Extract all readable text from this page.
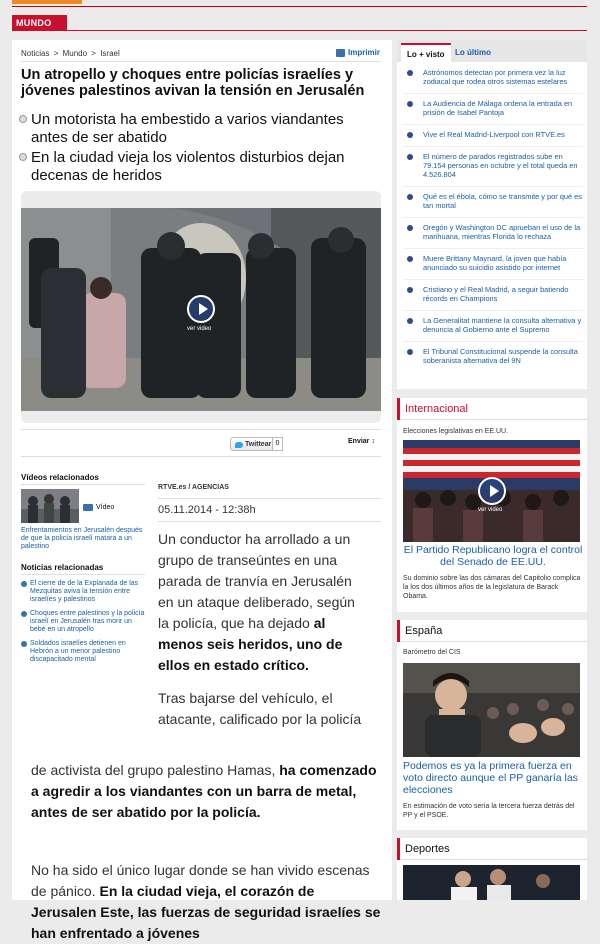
MUNDO
Noticias > Mundo > Israel	Imprimir
Un atropello y choques entre policías israelíes y jóvenes palestinos avivan la tensión en Jerusalén
Un motorista ha embestido a varios viandantes antes de ser abatido
En la ciudad vieja los violentos disturbios dejan decenas de heridos
ver video
Twittear 0	Enviar ↕
Vídeos relacionados
Vídeo
Enfrentamientos en Jerusalén después de que la policía israelí matara a un palestino
Noticias relacionadas
El cierre de de la Explanada de las Mezquitas aviva la tensión entre israelíes y palestinos
Choques entre palestinos y la policía israelí en Jerusalén tras morir un bebé en un atropello
Soldados israelíes detienen en Hebrón a un menor palestino discapacitado mental
RTVE.es / AGENCIAS
05.11.2014 - 12:38h
Un conductor ha arrollado a un
grupo de transeúntes en una
parada de tranvía en Jerusalén
en un ataque deliberado, según
la policía, que ha dejado al
menos seis heridos, uno de
ellos en estado crítico.
Tras bajarse del vehículo, el
atacante, calificado por la policía
de activista del grupo palestino Hamas, ha comenzado a agredir a los viandantes con un barra de metal, antes de ser abatido por la policía.
No ha sido el único lugar donde se han vivido escenas de pánico. En la ciudad vieja, el corazón de Jerusalen Este, las fuerzas de seguridad israelíes se han enfrentado a jóvenes
Lo + visto	Lo último
Astrónomos detectan por primera vez la luz zodiacal que rodea otros sistemas estelares
La Audiencia de Málaga ordena la entrada en prisión de Isabel Pantoja
Vive el Real Madrid-Liverpool con RTVE.es
El número de parados registrados sube en 79.154 personas en octubre y el total queda en 4.526.804
Qué es el ébola, cómo se transmite y por qué es tan mortal
Oregón y Washington DC aprueban el uso de la marihuana, mientras Florida lo rechaza
Muere Brittany Maynard, la joven que había anunciado su suicidio asistido por internet
Cristiano y el Real Madrid, a seguir batiendo récords en Champions
La Generalitat mantiene la consulta alternativa y denuncia al Gobierno ante el Supremo
El Tribunal Constitucional suspende la consulta soberanista alternativa del 9N
Internacional
Elecciones legislativas en EE.UU.
ver video
El Partido Republicano logra el control del Senado de EE.UU.
Su dominio sobre las dos cámaras del Capitolio complica la los dos últimos años de la legislatura de Barack Obama.
España
Barómetro del CIS
Podemos es ya la primera fuerza en voto directo aunque el PP ganaría las elecciones
En estimación de voto sería la tercera fuerza detrás del PP y el PSOE.
Deportes
